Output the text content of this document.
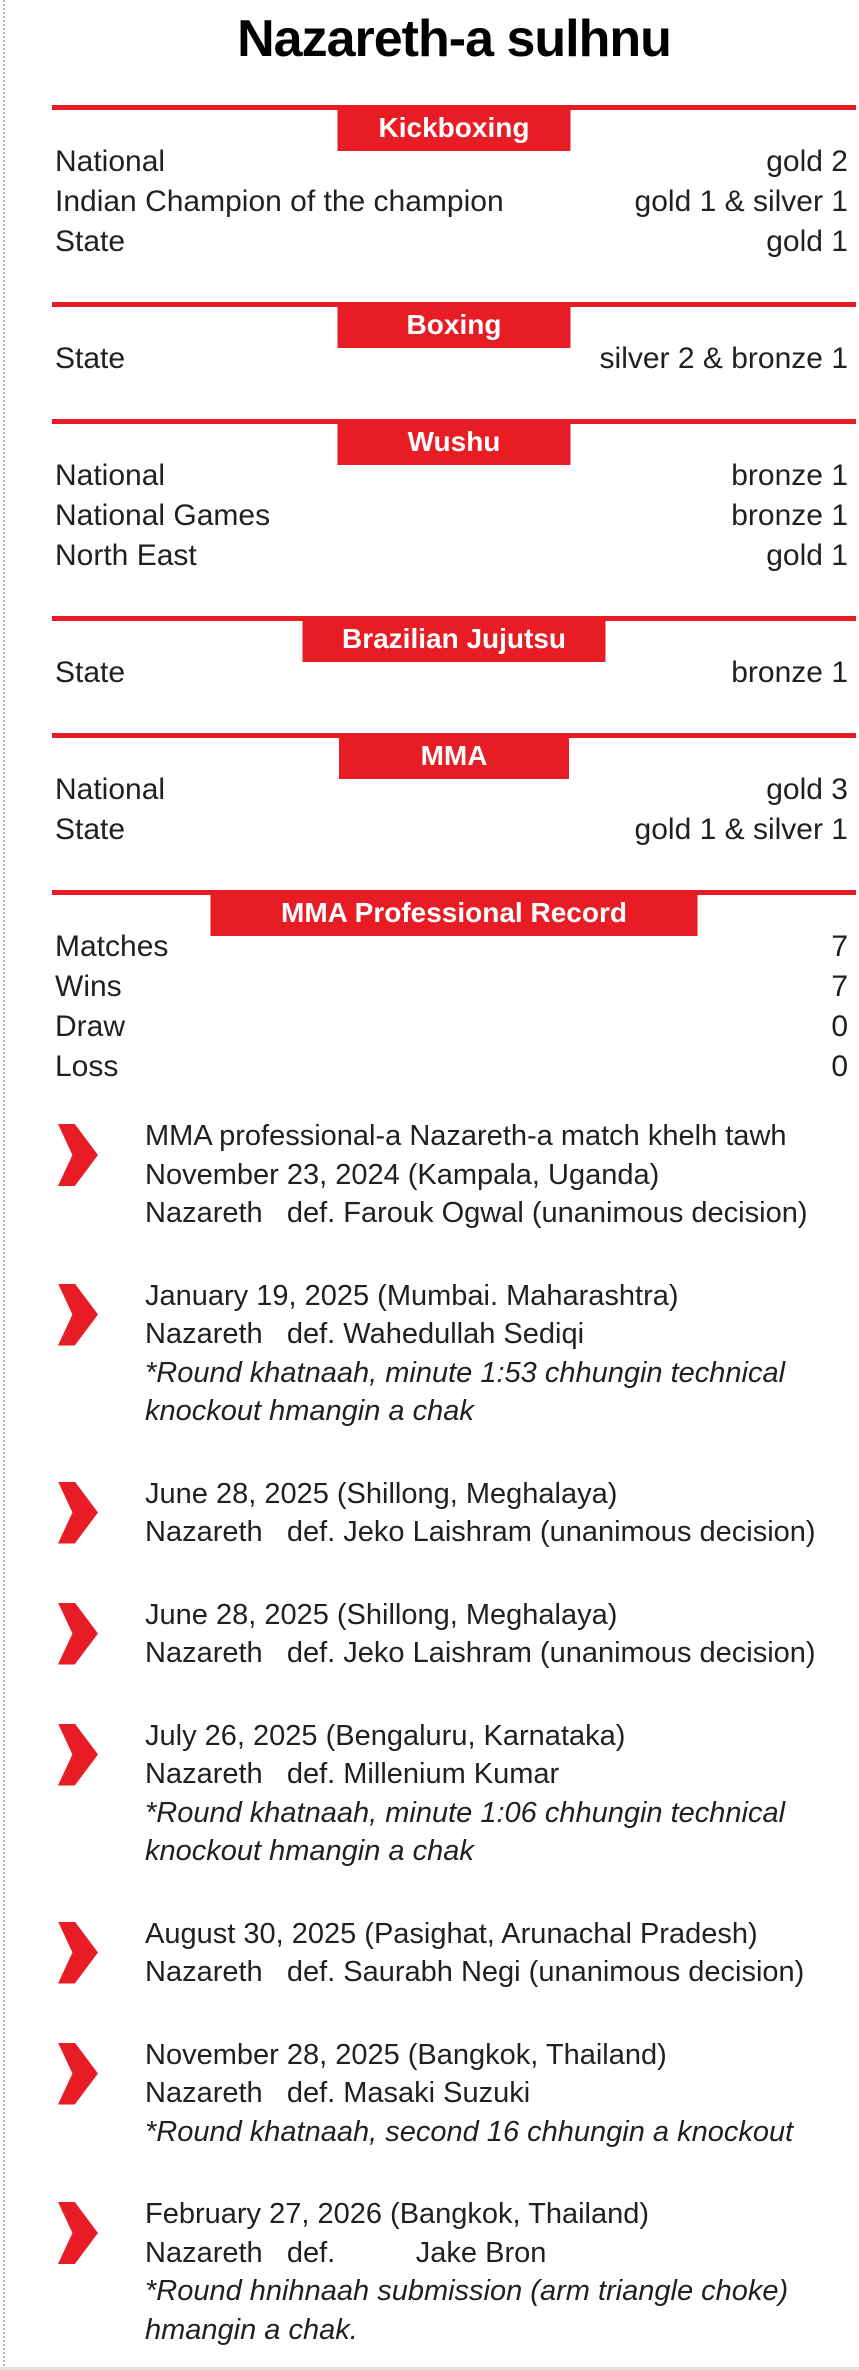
Nazareth-a sulhnu
Kickboxing
National	gold 2
Indian Champion of the champion	gold 1 & silver 1
State	gold 1
Boxing
State	silver 2 & bronze 1
Wushu
National	bronze 1
National Games	bronze 1
North East	gold 1
Brazilian Jujutsu
State	bronze 1
MMA
National	gold 3
State	gold 1 & silver 1
MMA Professional Record
Matches	7
Wins	7
Draw	0
Loss	0
MMA professional-a Nazareth-a match khelh tawh
November 23, 2024 (Kampala, Uganda)
Nazareth   def. Farouk Ogwal (unanimous decision)
January 19, 2025 (Mumbai. Maharashtra)
Nazareth   def. Wahedullah Sediqi
*Round khatnaah, minute 1:53 chhungin technical
knockout hmangin a chak
June 28, 2025 (Shillong, Meghalaya)
Nazareth   def. Jeko Laishram (unanimous decision)
June 28, 2025 (Shillong, Meghalaya)
Nazareth   def. Jeko Laishram (unanimous decision)
July 26, 2025 (Bengaluru, Karnataka)
Nazareth   def. Millenium Kumar
*Round khatnaah, minute 1:06 chhungin technical
knockout hmangin a chak
August 30, 2025 (Pasighat, Arunachal Pradesh)
Nazareth   def. Saurabh Negi (unanimous decision)
November 28, 2025 (Bangkok, Thailand)
Nazareth   def. Masaki Suzuki
*Round khatnaah, second 16 chhungin a knockout
February 27, 2026 (Bangkok, Thailand)
Nazareth   def.          Jake Bron
*Round hnihnaah submission (arm triangle choke)
hmangin a chak.
